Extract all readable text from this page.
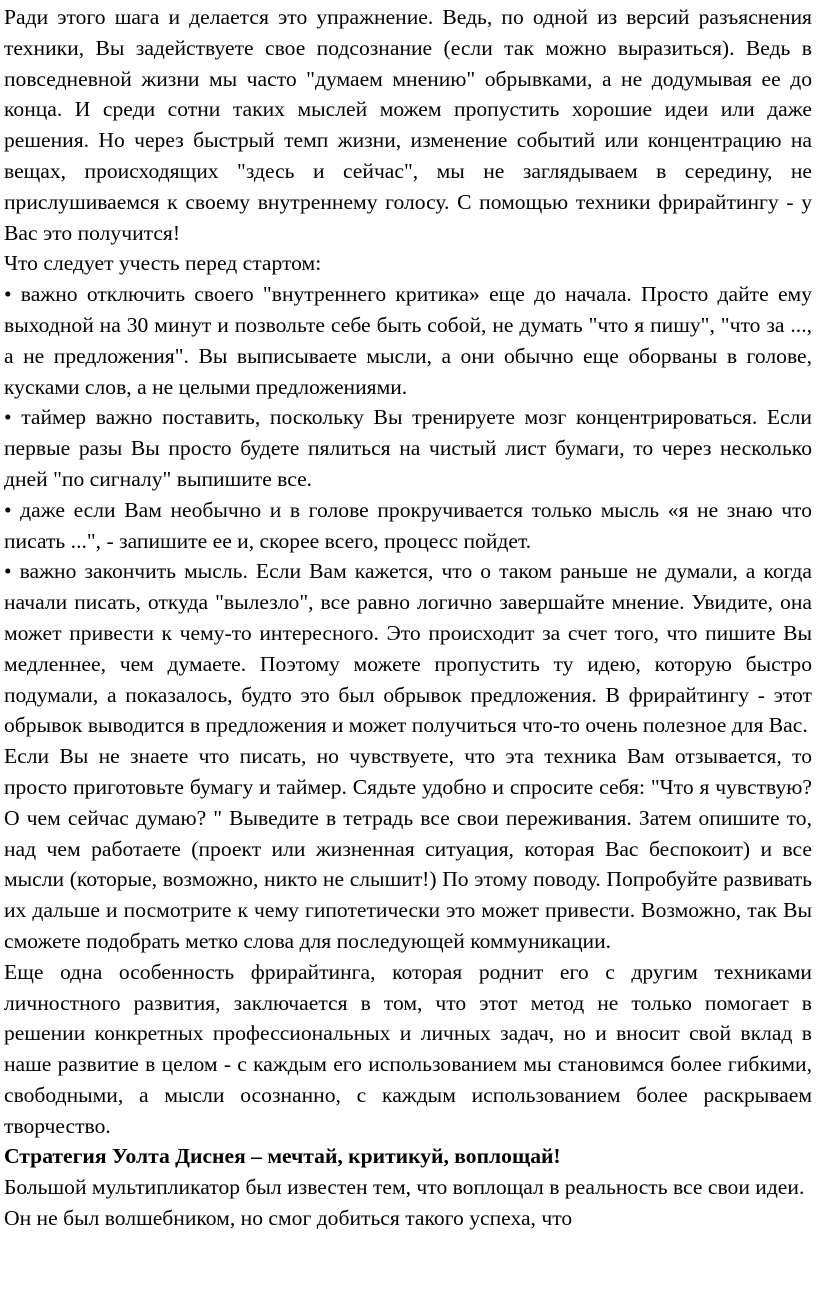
Ради этого шага и делается это упражнение. Ведь, по одной из версий разъяснения техники, Вы задействуете свое подсознание (если так можно выразиться). Ведь в повседневной жизни мы часто "думаем мнению" обрывками, а не додумывая ее до конца. И среди сотни таких мыслей можем пропустить хорошие идеи или даже решения. Но через быстрый темп жизни, изменение событий или концентрацию на вещах, происходящих "здесь и сейчас", мы не заглядываем в середину, не прислушиваемся к своему внутреннему голосу. С помощью техники фрирайтингу - у Вас это получится!

Что следует учесть перед стартом:

• важно отключить своего "внутреннего критика» еще до начала. Просто дайте ему выходной на 30 минут и позвольте себе быть собой, не думать "что я пишу", "что за ..., а не предложения". Вы выписываете мысли, а они обычно еще оборваны в голове, кусками слов, а не целыми предложениями.

• таймер важно поставить, поскольку Вы тренируете мозг концентрироваться. Если первые разы Вы просто будете пялиться на чистый лист бумаги, то через несколько дней "по сигналу" выпишите все.

• даже если Вам необычно и в голове прокручивается только мысль «я не знаю что писать ...", - запишите ее и, скорее всего, процесс пойдет.

• важно закончить мысль. Если Вам кажется, что о таком раньше не думали, а когда начали писать, откуда "вылезло", все равно логично завершайте мнение. Увидите, она может привести к чему-то интересного. Это происходит за счет того, что пишите Вы медленнее, чем думаете. Поэтому можете пропустить ту идею, которую быстро подумали, а показалось, будто это был обрывок предложения. В фрирайтингу - этот обрывок выводится в предложения и может получиться что-то очень полезное для Вас.

Если Вы не знаете что писать, но чувствуете, что эта техника Вам отзывается, то просто приготовьте бумагу и таймер. Сядьте удобно и спросите себя: "Что я чувствую? О чем сейчас думаю? " Выведите в тетрадь все свои переживания. Затем опишите то, над чем работаете (проект или жизненная ситуация, которая Вас беспокоит) и все мысли (которые, возможно, никто не слышит!) По этому поводу. Попробуйте развивать их дальше и посмотрите к чему гипотетически это может привести. Возможно, так Вы сможете подобрать метко слова для последующей коммуникации.

Еще одна особенность фрирайтинга, которая роднит его с другим техниками личностного развития, заключается в том, что этот метод не только помогает в решении конкретных профессиональных и личных задач, но и вносит свой вклад в наше развитие в целом - с каждым его использованием мы становимся более гибкими, свободными, а мысли осознанно, с каждым использованием более раскрываем творчество.

Стратегия Уолта Диснея – мечтай, критикуй, воплощай!

Большой мультипликатор был известен тем, что воплощал в реальность все свои идеи. Он не был волшебником, но смог добиться такого успеха, что
